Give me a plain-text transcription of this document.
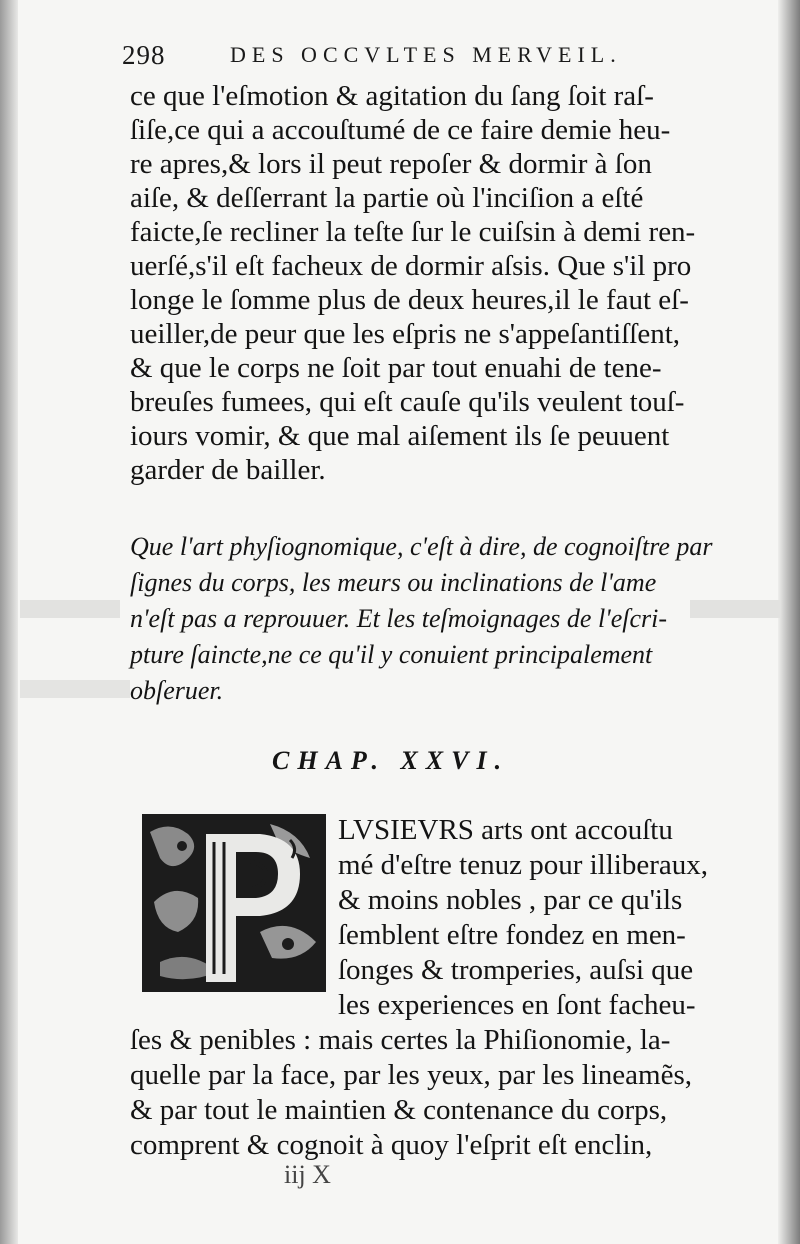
298	DES OCCVLTES MERVEIL.
ce que l'eſmotion & agitation du ſang ſoit raſ-
ſiſe,ce qui a accouſtumé de ce faire demie heu-
re apres,& lors il peut repoſer & dormir à ſon
aiſe, & deſſerrant la partie où l'inciſion a eſté
faicte,ſe recliner la teſte ſur le cuiſsin à demi ren-
uerſé,s'il eſt facheux de dormir aſsis. Que s'il pro
longe le ſomme plus de deux heures,il le faut eſ-
ueiller,de peur que les eſpris ne s'appeſantiſſent,
& que le corps ne ſoit par tout enuahi de tene-
breuſes fumees, qui eſt cauſe qu'ils veulent touſ-
iours vomir, & que mal aiſement ils ſe peuuent
garder de bailler.
Que l'art phyſiognomique, c'eſt à dire, de cognoiſtre par
ſignes du corps, les meurs ou inclinations de l'ame
n'eſt pas a reprouuer. Et les teſmoignages de l'eſcri-
pture ſaincte,ne ce qu'il y conuient principalement
obſeruer.
CHAP. XXVI.
LVSIEVRS arts ont accouſtu
mé d'eſtre tenuz pour illiberaux,
& moins nobles , par ce qu'ils
ſemblent eſtre fondez en men-
ſonges & tromperies, auſsi que
les experiences en ſont facheu-
ſes & penibles : mais certes la Phiſionomie, la-
quelle par la face, par les yeux, par les lineamẽs,
& par tout le maintien & contenance du corps,
comprent & cognoit à quoy l'eſprit eſt enclin,
iij X
